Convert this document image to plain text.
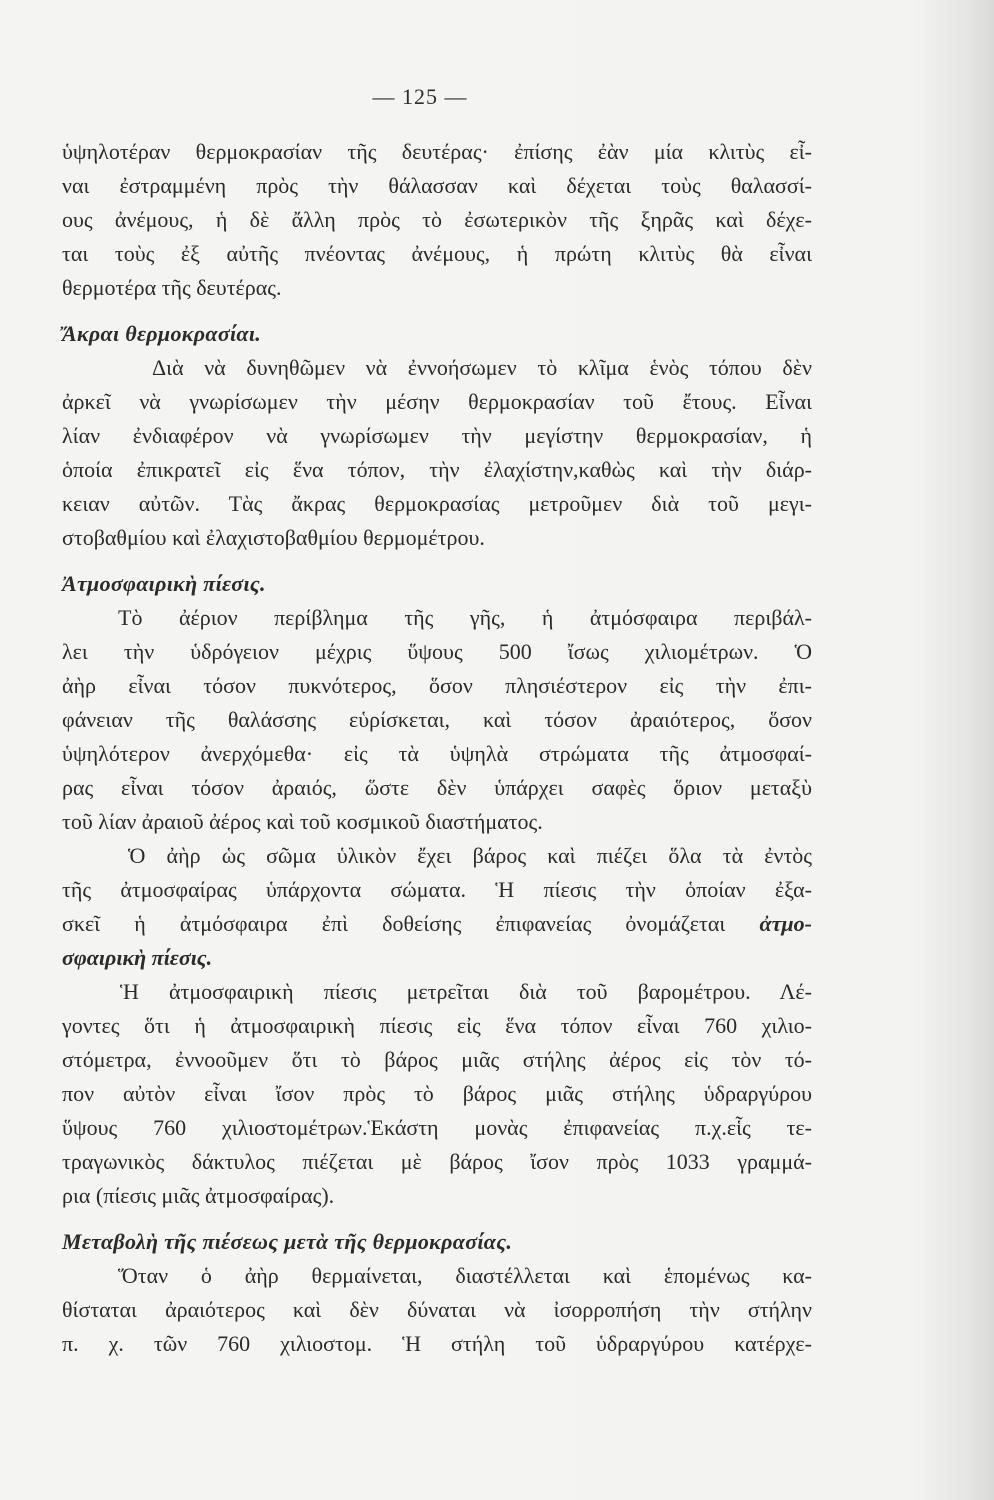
— 125 —
ὑψηλοτέραν θερμοκρασίαν τῆς δευτέρας· ἐπίσης ἐὰν μία κλιτὺς εἶ-
ναι ἐστραμμένη πρὸς τὴν θάλασσαν καὶ δέχεται τοὺς θαλασσί-
ους ἀνέμους, ἡ δὲ ἄλλη πρὸς τὸ ἐσωτερικὸν τῆς ξηρᾶς καὶ δέχε-
ται τοὺς ἐξ αὐτῆς πνέοντας ἀνέμους, ἡ πρώτη κλιτὺς θὰ εἶναι
θερμοτέρα τῆς δευτέρας.
Ἄκραι θερμοκρασίαι.
Διὰ νὰ δυνηθῶμεν νὰ ἐννοήσωμεν τὸ κλῖμα ἑνὸς τόπου δὲν
ἀρκεῖ νὰ γνωρίσωμεν τὴν μέσην θερμοκρασίαν τοῦ ἔτους. Εἶναι
λίαν ἐνδιαφέρον νὰ γνωρίσωμεν τὴν μεγίστην θερμοκρασίαν, ἡ
ὁποία ἐπικρατεῖ εἰς ἕνα τόπον, τὴν ἐλαχίστην,καθὼς καὶ τὴν διάρ-
κειαν αὐτῶν. Τὰς ἄκρας θερμοκρασίας μετροῦμεν διὰ τοῦ μεγι-
στοβαθμίου καὶ ἐλαχιστοβαθμίου θερμομέτρου.
Ἀτμοσφαιρικὴ πίεσις.
Τὸ ἀέριον περίβλημα τῆς γῆς, ἡ ἀτμόσφαιρα περιβάλ-
λει τὴν ὑδρόγειον μέχρις ὕψους 500 ἴσως χιλιομέτρων. Ὁ
ἀὴρ εἶναι τόσον πυκνότερος, ὅσον πλησιέστερον εἰς τὴν ἐπι-
φάνειαν τῆς θαλάσσης εὑρίσκεται, καὶ τόσον ἀραιότερος, ὅσον
ὑψηλότερον ἀνερχόμεθα· εἰς τὰ ὑψηλὰ στρώματα τῆς ἀτμοσφαί-
ρας εἶναι τόσον ἀραιός, ὥστε δὲν ὑπάρχει σαφὲς ὅριον μεταξὺ
τοῦ λίαν ἀραιοῦ ἀέρος καὶ τοῦ κοσμικοῦ διαστήματος.
Ὁ ἀὴρ ὡς σῶμα ὑλικὸν ἔχει βάρος καὶ πιέζει ὅλα τὰ ἐντὸς
τῆς ἀτμοσφαίρας ὑπάρχοντα σώματα. Ἡ πίεσις τὴν ὁποίαν ἐξα-
σκεῖ ἡ ἀτμόσφαιρα ἐπὶ δοθείσης ἐπιφανείας ὀνομάζεται ἀτμο-
σφαιρικὴ πίεσις.
Ἡ ἀτμοσφαιρικὴ πίεσις μετρεῖται διὰ τοῦ βαρομέτρου. Λέ-
γοντες ὅτι ἡ ἀτμοσφαιρικὴ πίεσις εἰς ἕνα τόπον εἶναι 760 χιλιο-
στόμετρα, ἐννοοῦμεν ὅτι τὸ βάρος μιᾶς στήλης ἀέρος εἰς τὸν τό-
πον αὐτὸν εἶναι ἴσον πρὸς τὸ βάρος μιᾶς στήλης ὑδραργύρου
ὕψους 760 χιλιοστομέτρων.Ἑκάστη μονὰς ἐπιφανείας π.χ.εἷς τε-
τραγωνικὸς δάκτυλος πιέζεται μὲ βάρος ἴσον πρὸς 1033 γραμμά-
ρια (πίεσις μιᾶς ἀτμοσφαίρας).
Μεταβολὴ τῆς πιέσεως μετὰ τῆς θερμοκρασίας.
Ὅταν ὁ ἀὴρ θερμαίνεται, διαστέλλεται καὶ ἑπομένως κα-
θίσταται ἀραιότερος καὶ δὲν δύναται νὰ ἰσορροπήση τὴν στήλην
π. χ. τῶν 760 χιλιοστομ. Ἡ στήλη τοῦ ὑδραργύρου κατέρχε-
